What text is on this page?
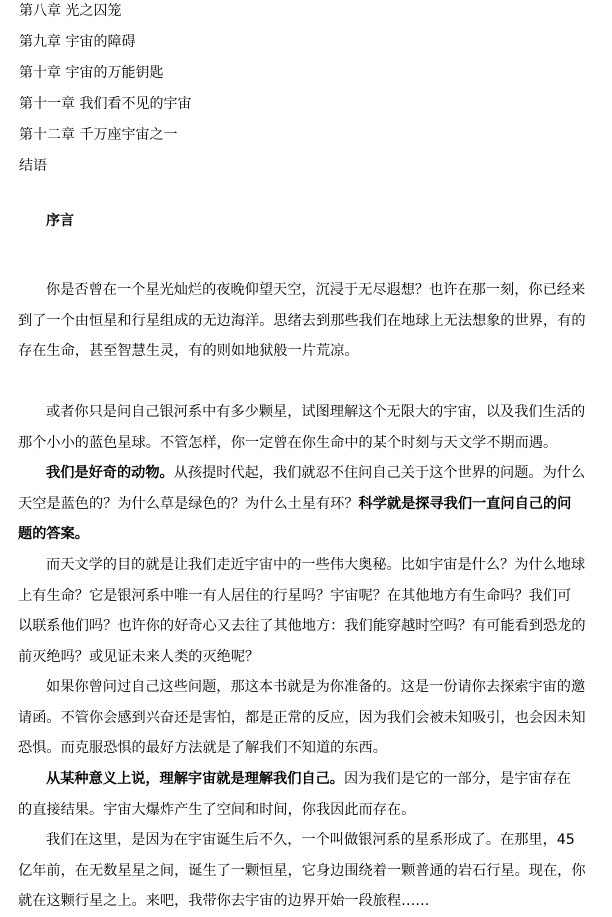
第八章 光之囚笼
第九章 宇宙的障碍
第十章 宇宙的万能钥匙
第十一章 我们看不见的宇宙
第十二章 千万座宇宙之一
结语
序言
你是否曾在一个星光灿烂的夜晚仰望天空，沉浸于无尽遐想？也许在那一刻，你已经来
到了一个由恒星和行星组成的无边海洋。思绪去到那些我们在地球上无法想象的世界，有的
存在生命，甚至智慧生灵，有的则如地狱般一片荒凉。
或者你只是问自己银河系中有多少颗星，试图理解这个无限大的宇宙，以及我们生活的
那个小小的蓝色星球。不管怎样，你一定曾在你生命中的某个时刻与天文学不期而遇。
我们是好奇的动物。从孩提时代起，我们就忍不住问自己关于这个世界的问题。为什么
天空是蓝色的？为什么草是绿色的？为什么土星有环？科学就是探寻我们一直问自己的问
题的答案。
而天文学的目的就是让我们走近宇宙中的一些伟大奥秘。比如宇宙是什么？为什么地球
上有生命？它是银河系中唯一有人居住的行星吗？宇宙呢？在其他地方有生命吗？我们可
以联系他们吗？也许你的好奇心又去往了其他地方：我们能穿越时空吗？有可能看到恐龙的
前灭绝吗？或见证未来人类的灭绝呢？
如果你曾问过自己这些问题，那这本书就是为你准备的。这是一份请你去探索宇宙的邀
请函。不管你会感到兴奋还是害怕，都是正常的反应，因为我们会被未知吸引，也会因未知
恐惧。而克服恐惧的最好方法就是了解我们不知道的东西。
从某种意义上说，理解宇宙就是理解我们自己。因为我们是它的一部分，是宇宙存在
的直接结果。宇宙大爆炸产生了空间和时间，你我因此而存在。
我们在这里，是因为在宇宙诞生后不久，一个叫做银河系的星系形成了。在那里，45
亿年前，在无数星星之间，诞生了一颗恒星，它身边围绕着一颗普通的岩石行星。现在，你
就在这颗行星之上。来吧，我带你去宇宙的边界开始一段旅程……
